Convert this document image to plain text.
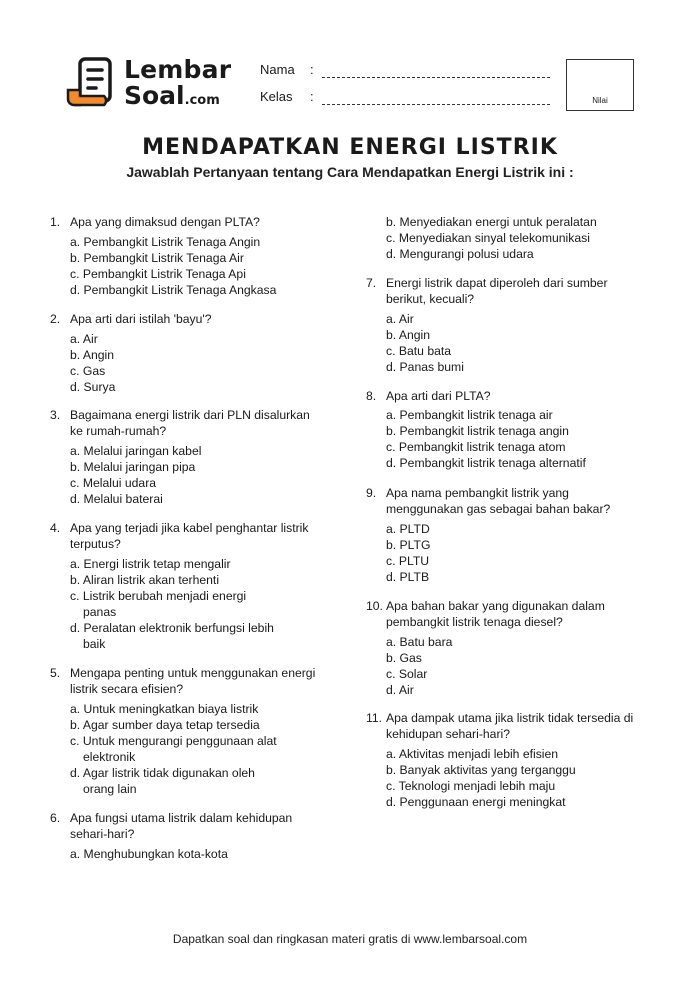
Lembar
Soal.com
Nama :
Kelas :	Nilai
MENDAPATKAN ENERGI LISTRIK
Jawablah Pertanyaan tentang Cara Mendapatkan Energi Listrik ini :
1. Apa yang dimaksud dengan PLTA?
a. Pembangkit Listrik Tenaga Angin
b. Pembangkit Listrik Tenaga Air
c. Pembangkit Listrik Tenaga Api
d. Pembangkit Listrik Tenaga Angkasa
2. Apa arti dari istilah 'bayu'?
a. Air
b. Angin
c. Gas
d. Surya
3. Bagaimana energi listrik dari PLN disalurkan
ke rumah-rumah?
a. Melalui jaringan kabel
b. Melalui jaringan pipa
c. Melalui udara
d. Melalui baterai
4. Apa yang terjadi jika kabel penghantar listrik
terputus?
a. Energi listrik tetap mengalir
b. Aliran listrik akan terhenti
c. Listrik berubah menjadi energi panas
d. Peralatan elektronik berfungsi lebih baik
5. Mengapa penting untuk menggunakan energi
listrik secara efisien?
a. Untuk meningkatkan biaya listrik
b. Agar sumber daya tetap tersedia
c. Untuk mengurangi penggunaan alat elektronik
d. Agar listrik tidak digunakan oleh orang lain
6. Apa fungsi utama listrik dalam kehidupan
sehari-hari?
a. Menghubungkan kota-kota
b. Menyediakan energi untuk peralatan
c. Menyediakan sinyal telekomunikasi
d. Mengurangi polusi udara
7. Energi listrik dapat diperoleh dari sumber
berikut, kecuali?
a. Air
b. Angin
c. Batu bata
d. Panas bumi
8. Apa arti dari PLTA?
a. Pembangkit listrik tenaga air
b. Pembangkit listrik tenaga angin
c. Pembangkit listrik tenaga atom
d. Pembangkit listrik tenaga alternatif
9. Apa nama pembangkit listrik yang
menggunakan gas sebagai bahan bakar?
a. PLTD
b. PLTG
c. PLTU
d. PLTB
10. Apa bahan bakar yang digunakan dalam
pembangkit listrik tenaga diesel?
a. Batu bara
b. Gas
c. Solar
d. Air
11. Apa dampak utama jika listrik tidak tersedia di
kehidupan sehari-hari?
a. Aktivitas menjadi lebih efisien
b. Banyak aktivitas yang terganggu
c. Teknologi menjadi lebih maju
d. Penggunaan energi meningkat
Dapatkan soal dan ringkasan materi gratis di www.lembarsoal.com
